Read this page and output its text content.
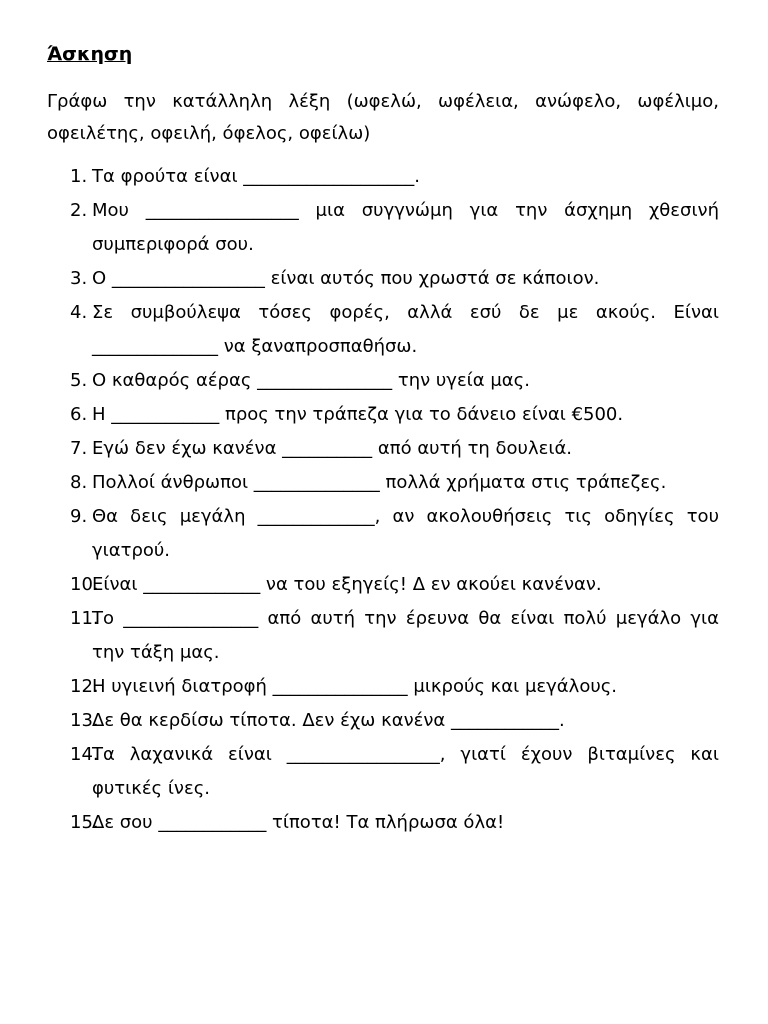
Άσκηση

Γράφω την κατάλληλη λέξη (ωφελώ, ωφέλεια, ανώφελο, ωφέλιμο, οφειλέτης, οφειλή, όφελος, οφείλω)

1. Τα φρούτα είναι ___________________.

2. Μου _________________ μια συγγνώμη για την άσχημη χθεσινή συμπεριφορά σου.

3. Ο _________________ είναι αυτός που χρωστά σε κάποιον.

4. Σε συμβούλεψα τόσες φορές, αλλά εσύ δε με ακούς. Είναι ______________ να ξαναπροσπαθήσω.

5. Ο καθαρός αέρας _______________ την υγεία μας.

6. Η ____________ προς την τράπεζα για το δάνειο είναι €500.

7. Εγώ δεν έχω κανένα __________ από αυτή τη δουλειά.

8. Πολλοί άνθρωποι ______________ πολλά χρήματα στις τράπεζες.

9. Θα δεις μεγάλη _____________, αν ακολουθήσεις τις οδηγίες του γιατρού.

10.

Είναι _____________ να του εξηγείς! Δ εν ακούει κανέναν.

11.

Το _______________ από αυτή την έρευνα θα είναι πολύ μεγάλο για την τάξη μας.

12.

Η υγιεινή διατροφή _______________ μικρούς και μεγάλους.

13.

Δε θα κερδίσω τίποτα. Δεν έχω κανένα ____________.

14.

Τα λαχανικά είναι _________________, γιατί έχουν βιταμίνες και φυτικές ίνες.

15.

Δε σου ____________ τίποτα! Τα πλήρωσα όλα!
